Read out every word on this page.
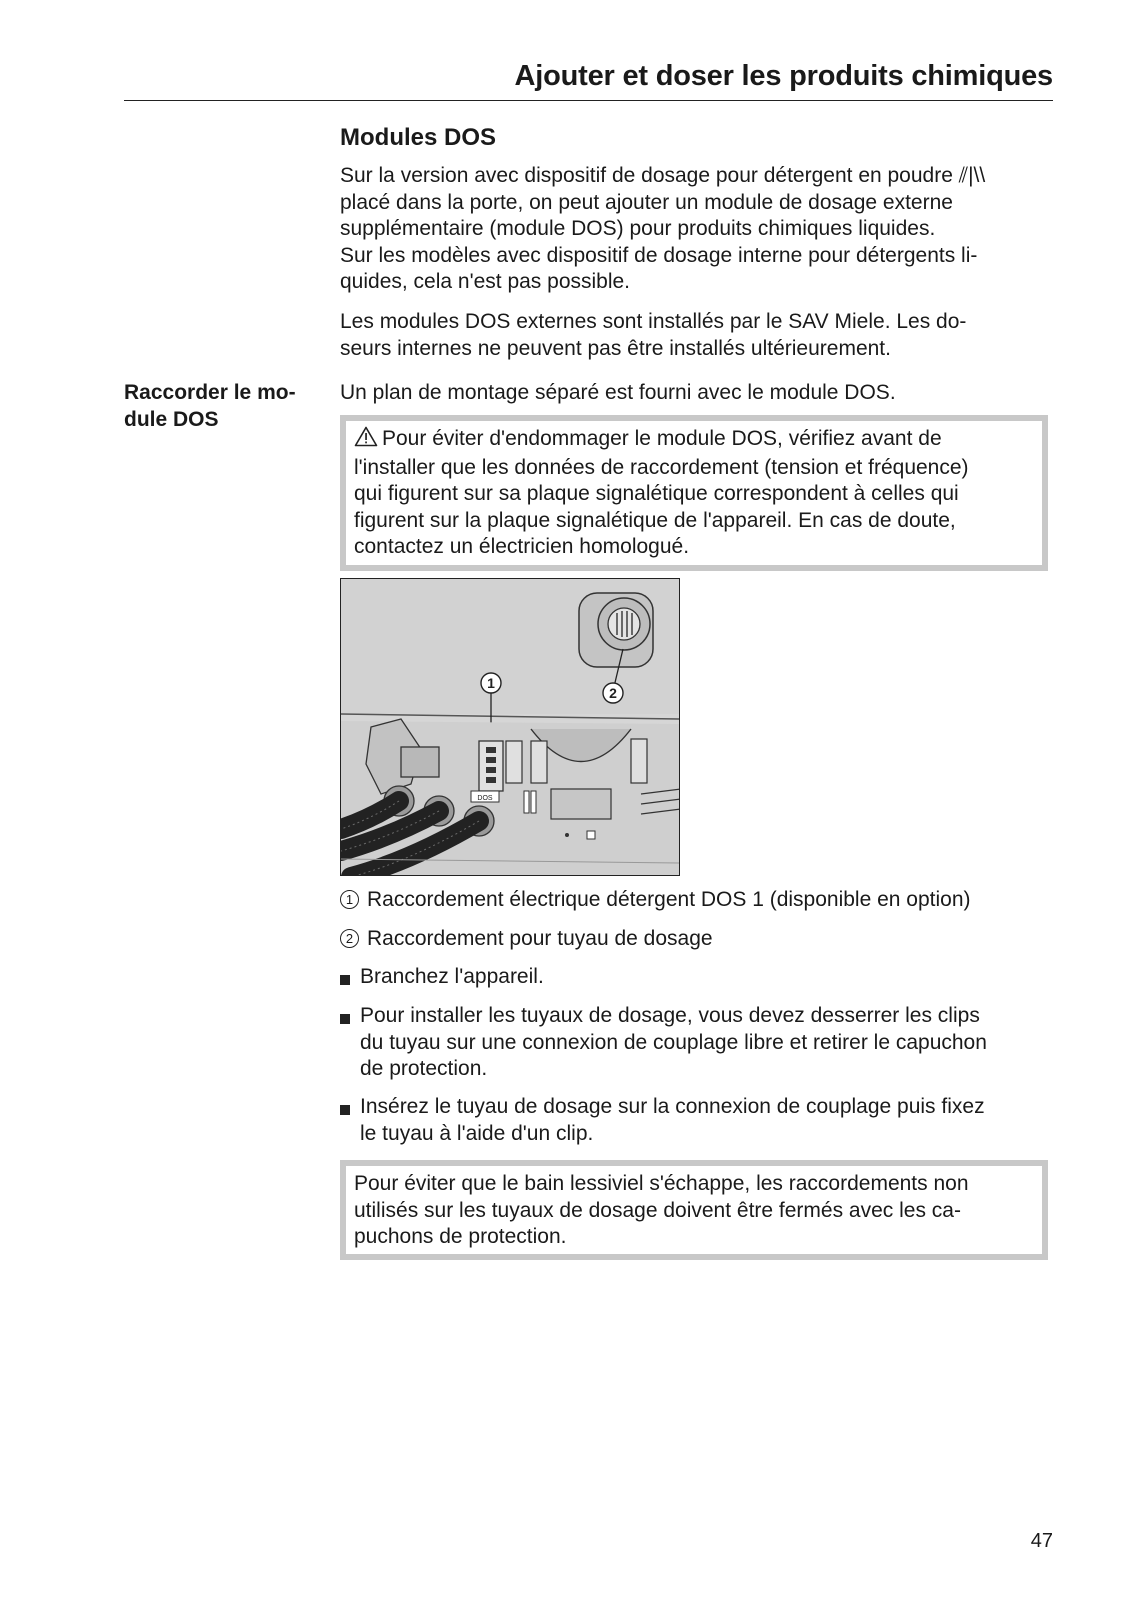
Ajouter et doser les produits chimiques
Modules DOS
Sur la version avec dispositif de dosage pour détergent en poudre ⫽|\\
placé dans la porte, on peut ajouter un module de dosage externe
supplémentaire (module DOS) pour produits chimiques liquides.
Sur les modèles avec dispositif de dosage interne pour détergents li-
quides, cela n'est pas possible.
Les modules DOS externes sont installés par le SAV Miele. Les do-
seurs internes ne peuvent pas être installés ultérieurement.
Raccorder le mo-
dule DOS
Un plan de montage séparé est fourni avec le module DOS.
Pour éviter d'endommager le module DOS, vérifiez avant de
l'installer que les données de raccordement (tension et fréquence)
qui figurent sur sa plaque signalétique correspondent à celles qui
figurent sur la plaque signalétique de l'appareil. En cas de doute,
contactez un électricien homologué.
1
2
DOS
1 Raccordement électrique détergent DOS 1 (disponible en option)
2 Raccordement pour tuyau de dosage
Branchez l'appareil.
Pour installer les tuyaux de dosage, vous devez desserrer les clips
du tuyau sur une connexion de couplage libre et retirer le capuchon
de protection.
Insérez le tuyau de dosage sur la connexion de couplage puis fixez
le tuyau à l'aide d'un clip.
Pour éviter que le bain lessiviel s'échappe, les raccordements non
utilisés sur les tuyaux de dosage doivent être fermés avec les ca-
puchons de protection.
47
